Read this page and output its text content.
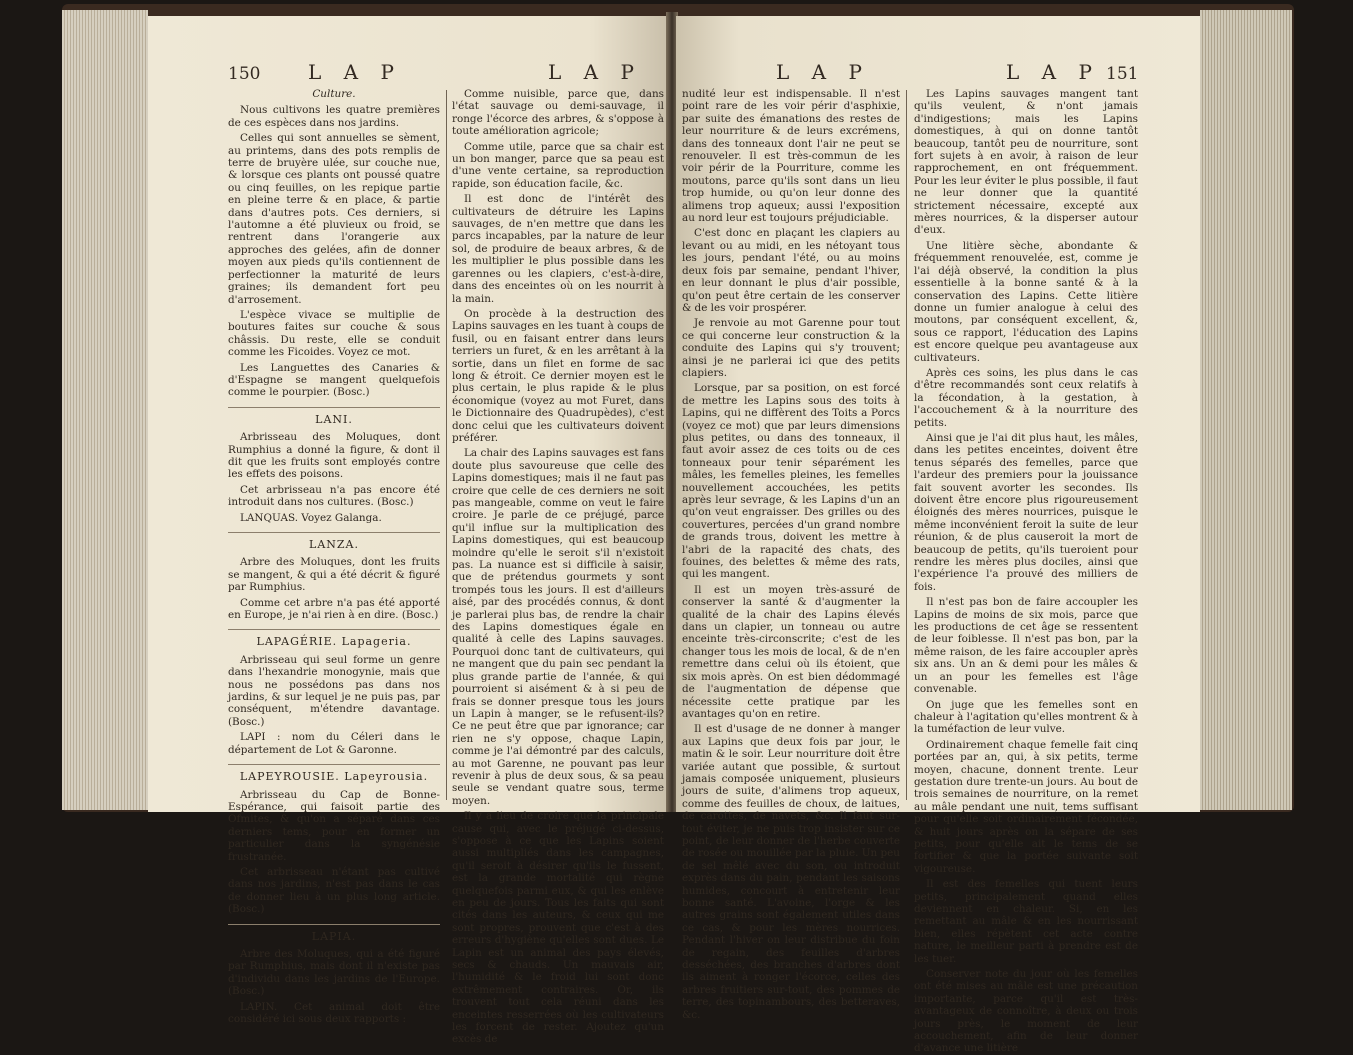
150 L A P	L A P

Culture.

Nous cultivons les quatre premières de ces espèces dans nos jardins.

Celles qui sont annuelles se sèment, au printems, dans des pots remplis de terre de bruyère ulée, sur couche nue, & lorsque ces plants ont poussé quatre ou cinq feuilles, on les repique partie en pleine terre & en place, & partie dans d'autres pots. Ces derniers, si l'automne a été pluvieux ou froid, se rentrent dans l'orangerie aux approches des gelées, afin de donner moyen aux pieds qu'ils contiennent de perfectionner la maturité de leurs graines; ils demandent fort peu d'arrosement.

L'espèce vivace se multiplie de boutures faites sur couche & sous châssis. Du reste, elle se conduit comme les Ficoides. Voyez ce mot.

Les Languettes des Canaries & d'Espagne se mangent quelquefois comme le pourpier. (Bosc.)

LANI.

Arbrisseau des Moluques, dont Rumphius a donné la figure, & dont il dit que les fruits sont employés contre les effets des poisons.

Cet arbrisseau n'a pas encore été introduit dans nos cultures. (Bosc.)

LANQUAS. Voyez Galanga.

LANZA.

Arbre des Moluques, dont les fruits se mangent, & qui a été décrit & figuré par Rumphius.

Comme cet arbre n'a pas été apporté en Europe, je n'ai rien à en dire. (Bosc.)

LAPAGÉRIE. Lapageria.

Arbrisseau qui seul forme un genre dans l'hexandrie monogynie, mais que nous ne possédons pas dans nos jardins, & sur lequel je ne puis pas, par conséquent, m'étendre davantage. (Bosc.)

LAPI : nom du Céleri dans le département de Lot & Garonne.

LAPEYROUSIE. Lapeyrousia.

Arbrisseau du Cap de Bonne-Espérance, qui faisoit partie des Ofmites, & qu'on a séparé dans ces derniers tems, pour en former un particulier dans la syngénésie frustranée.

Cet arbrisseau n'étant pas cultivé dans nos jardins, n'est pas dans le cas de donner lieu à un plus long article. (Bosc.)

LAPIA.

Arbre des Moluques, qui a été figuré par Rumphius, mais dont il n'existe pas d'individu dans les jardins de l'Europe. (Bosc.)

LAPIN. Cet animal doit être considéré ici sous deux rapports :

Comme nuisible, parce que, dans l'état sauvage ou demi-sauvage, il ronge l'écorce des arbres, & s'oppose à toute amélioration agricole;

Comme utile, parce que sa chair est un bon manger, parce que sa peau est d'une vente certaine, sa reproduction rapide, son éducation facile, &c.

Il est donc de l'intérêt des cultivateurs de détruire les Lapins sauvages, de n'en mettre que dans les parcs incapables, par la nature de leur sol, de produire de beaux arbres, & de les multiplier le plus possible dans les garennes ou les clapiers, c'est-à-dire, dans des enceintes où on les nourrit à la main.

On procède à la destruction des Lapins sauvages en les tuant à coups de fusil, ou en faisant entrer dans leurs terriers un furet, & en les arrêtant à la sortie, dans un filet en forme de sac long & étroit. Ce dernier moyen est le plus certain, le plus rapide & le plus économique (voyez au mot Furet, dans le Dictionnaire des Quadrupèdes), c'est donc celui que les cultivateurs doivent préférer.

La chair des Lapins sauvages est fans doute plus savoureuse que celle des Lapins domestiques; mais il ne faut pas croire que celle de ces derniers ne soit pas mangeable, comme on veut le faire croire. Je parle de ce préjugé, parce qu'il influe sur la multiplication des Lapins domestiques, qui est beaucoup moindre qu'elle le seroit s'il n'existoit pas. La nuance est si difficile à saisir, que de prétendus gourmets y sont trompés tous les jours. Il est d'ailleurs aisé, par des procédés connus, & dont je parlerai plus bas, de rendre la chair des Lapins domestiques égale en qualité à celle des Lapins sauvages. Pourquoi donc tant de cultivateurs, qui ne mangent que du pain sec pendant la plus grande partie de l'année, & qui pourroient si aisément & à si peu de frais se donner presque tous les jours un Lapin à manger, se le refusent-ils? Ce ne peut être que par ignorance; car rien ne s'y oppose, chaque Lapin, comme je l'ai démontré par des calculs, au mot Garenne, ne pouvant pas leur revenir à plus de deux sous, & sa peau seule se vendant quatre sous, terme moyen.

Il y a lieu de croire que la principale cause qui, avec le préjugé ci-dessus, s'oppose à ce que les Lapins soient aussi multipliés dans les campagnes, qu'il seroit à désirer qu'ils le fussent, est la grande mortalité qui règne quelquefois parmi eux, & qui les enlève en peu de jours. Tous les faits qui sont cités dans les auteurs, & ceux qui me sont propres, prouvent que c'est à des erreurs d'hygiène qu'elles sont dues. Le Lapin est un animal des pays élevés, secs & chauds. Un mauvais air, l'humidité & le froid lui sont donc extrêmement contraires. Or, ils trouvent tout cela réuni dans les enceintes resserrées où les cultivateurs les forcent de rester. Ajoutez qu'un excès de

L A P	L A P 151

nudité leur est indispensable. Il n'est point rare de les voir périr d'asphixie, par suite des émanations des restes de leur nourriture & de leurs excrémens, dans des tonneaux dont l'air ne peut se renouveler. Il est très-commun de les voir périr de la Pourriture, comme les moutons, parce qu'ils sont dans un lieu trop humide, ou qu'on leur donne des alimens trop aqueux; aussi l'exposition au nord leur est toujours préjudiciable.

C'est donc en plaçant les clapiers au levant ou au midi, en les nétoyant tous les jours, pendant l'été, ou au moins deux fois par semaine, pendant l'hiver, en leur donnant le plus d'air possible, qu'on peut être certain de les conserver & de les voir prospérer.

Je renvoie au mot Garenne pour tout ce qui concerne leur construction & la conduite des Lapins qui s'y trouvent; ainsi je ne parlerai ici que des petits clapiers.

Lorsque, par sa position, on est forcé de mettre les Lapins sous des toits à Lapins, qui ne diffèrent des Toits a Porcs (voyez ce mot) que par leurs dimensions plus petites, ou dans des tonneaux, il faut avoir assez de ces toits ou de ces tonneaux pour tenir séparément les mâles, les femelles pleines, les femelles nouvellement accouchées, les petits après leur sevrage, & les Lapins d'un an qu'on veut engraisser. Des grilles ou des couvertures, percées d'un grand nombre de grands trous, doivent les mettre à l'abri de la rapacité des chats, des fouines, des belettes & même des rats, qui les mangent.

Il est un moyen très-assuré de conserver la santé & d'augmenter la qualité de la chair des Lapins élevés dans un clapier, un tonneau ou autre enceinte très-circonscrite; c'est de les changer tous les mois de local, & de n'en remettre dans celui où ils étoient, que six mois après. On est bien dédommagé de l'augmentation de dépense que nécessite cette pratique par les avantages qu'on en retire.

Il est d'usage de ne donner à manger aux Lapins que deux fois par jour, le matin & le soir. Leur nourriture doit être variée autant que possible, & surtout jamais composée uniquement, plusieurs jours de suite, d'alimens trop aqueux, comme des feuilles de choux, de laitues, de carottes, de navets, &c. Il faut sur-tout éviter, je ne puis trop insister sur ce point, de leur donner de l'herbe couverte de rosée ou mouillée par la pluie. Un peu de sel mêlé avec du son, ou introduit exprès dans du pain, pendant les saisons humides, concourt à entretenir leur bonne santé. L'avoine, l'orge & les autres grains sont également utiles dans ce cas, & pour les mères nourrices. Pendant l'hiver on leur distribue du foin de regain, des feuilles d'arbres desséchées, des branches d'arbres dont ils aiment à ronger l'écorce, celles des arbres fruitiers sur-tout, des pommes de terre, des topinambours, des betteraves, &c.

Les Lapins sauvages mangent tant qu'ils veulent, & n'ont jamais d'indigestions; mais les Lapins domestiques, à qui on donne tantôt beaucoup, tantôt peu de nourriture, sont fort sujets à en avoir, à raison de leur rapprochement, en ont fréquemment. Pour les leur éviter le plus possible, il faut ne leur donner que la quantité strictement nécessaire, excepté aux mères nourrices, & la disperser autour d'eux.

Une litière sèche, abondante & fréquemment renouvelée, est, comme je l'ai déjà observé, la condition la plus essentielle à la bonne santé & à la conservation des Lapins. Cette litière donne un fumier analogue à celui des moutons, par conséquent excellent, &, sous ce rapport, l'éducation des Lapins est encore quelque peu avantageuse aux cultivateurs.

Après ces soins, les plus dans le cas d'être recommandés sont ceux relatifs à la fécondation, à la gestation, à l'accouchement & à la nourriture des petits.

Ainsi que je l'ai dit plus haut, les mâles, dans les petites enceintes, doivent être tenus séparés des femelles, parce que l'ardeur des premiers pour la jouissance fait souvent avorter les secondes. Ils doivent être encore plus rigoureusement éloignés des mères nourrices, puisque le même inconvénient feroit la suite de leur réunion, & de plus causeroit la mort de beaucoup de petits, qu'ils tueroient pour rendre les mères plus dociles, ainsi que l'expérience l'a prouvé des milliers de fois.

Il n'est pas bon de faire accoupler les Lapins de moins de six mois, parce que les productions de cet âge se ressentent de leur foiblesse. Il n'est pas bon, par la même raison, de les faire accoupler après six ans. Un an & demi pour les mâles & un an pour les femelles est l'âge convenable.

On juge que les femelles sont en chaleur à l'agitation qu'elles montrent & à la tuméfaction de leur vulve.

Ordinairement chaque femelle fait cinq portées par an, qui, à six petits, terme moyen, chacune, donnent trente. Leur gestation dure trente-un jours. Au bout de trois semaines de nourriture, on la remet au mâle pendant une nuit, tems suffisant pour qu'elle soit ordinairement fécondée, & huit jours après on la sépare de ses petits, pour qu'elle ait le tems de se fortifier & que la portée suivante soit vigoureuse.

Il est des femelles qui tuent leurs petits, principalement quand elles deviennent en chaleur. Si, en les remettant au mâle & en les nourrissant bien, elles répètent cet acte contre nature, le meilleur parti à prendre est de les tuer.

Conserver note du jour où les femelles ont été mises au mâle est une précaution importante, parce qu'il est très-avantageux de connoître, à deux ou trois jours près, le moment de leur accouchement, afin de leur donner d'avance une litière
